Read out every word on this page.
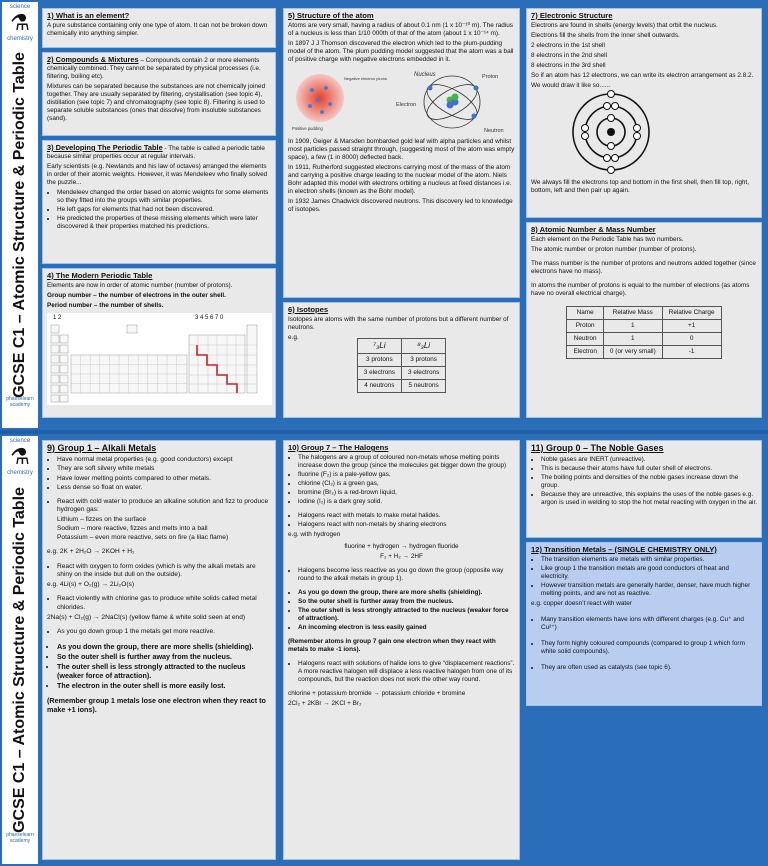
science
⚗
chemistry
GCSE C1 – Atomic Structure & Periodic Table
phaeselearn academy
1) What is an element?

A pure substance containing only one type of atom. It can not be broken down chemically into anything simpler.

2) Compounds & Mixtures – Compounds contain 2 or more elements chemically combined. They cannot be separated by physical processes (i.e. filtering, boiling etc).

Mixtures can be separated because the substances are not chemically joined together. They are usually separated by filtering, crystallisation (see topic 4), distillation (see topic 7) and chromatography (see topic 8). Filtering is used to separate soluble substances (ones that dissolve) from insoluble substances (sand).

3) Developing The Periodic Table - The table is called a periodic table because similar properties occur at regular intervals.

Early scientists (e.g. Newlands and his law of octaves) arranged the elements in order of their atomic weights. However, it was Mendeleev who finally solved the puzzle...

• Mendeleev changed the order based on atomic weights for some elements so they fitted into the groups with similar properties.
• He left gaps for elements that had not been discovered.
• He predicted the properties of these missing elements which were later discovered & their properties matched his predictions.
4) The Modern Periodic Table

Elements are now in order of atomic number (number of protons).

Group number – the number of electrons in the outer shell.

Period number – the number of shells.

1 2	3 4 5 6 7 0
5) Structure of the atom

Atoms are very small, having a radius of about 0.1 nm (1 x 10⁻¹⁰ m). The radius of a nucleus is less than 1/10 000th of that of the atom (about 1 x 10⁻¹⁴ m).

In 1897 J J Thomson discovered the electron which led to the plum-pudding model of the atom. The plum pudding model suggested that the atom was a ball of positive charge with negative electrons embedded in it.

Negative electron plums
Positive pudding
Electron
Proton
Nucleus
Neutron

In 1909, Geiger & Marsden bombarded gold leaf with alpha particles and whilst most particles passed straight through, (suggesting most of the atom was empty space), a few (1 in 8000) deflected back.

In 1911, Rutherford suggested electrons carrying most of the mass of the atom and carrying a positive charge leading to the nuclear model of the atom. Niels Bohr adapted this model with electrons orbiting a nucleus at fixed distances i.e. in electron shells (known as the Bohr model).

In 1932 James Chadwick discovered neutrons. This discovery led to knowledge of isotopes.

6) Isotopes

Isotopes are atoms with the same number of protons but a different number of neutrons.

e.g.

⁷₃Li	⁸₃Li
3 protons	3 protons
3 electrons	3 electrons
4 neutrons	5 neutrons
7) Electronic Structure

Electrons are found in shells (energy levels) that orbit the nucleus.

Electrons fill the shells from the inner shell outwards.

2 electrons in the 1st shell

8 electrons in the 2nd shell

8 electrons in the 3rd shell

So if an atom has 12 electrons, we can write its electron arrangement as 2.8.2.

We would draw it like so......

We always fill the electrons top and bottom in the first shell, then fill top, right, bottom, left and then pair up again.

8) Atomic Number & Mass Number

Each element on the Periodic Table has two numbers.

The atomic number or proton number (number of protons).

The mass number is the number of protons and neutrons added together (since electrons have no mass).

In atoms the number of protons is equal to the number of electrons (as atoms have no overall electrical charge).

Name	Relative Mass	Relative Charge
Proton	1	+1
Neutron	1	0
Electron	0 (or very small)	-1
science
⚗
chemistry
GCSE C1 – Atomic Structure & Periodic Table
phaeselearn academy
9) Group 1 – Alkali Metals
• Have normal metal properties (e.g. good conductors) except
• They are soft silvery white metals
• Have lower melting points compared to other metals.
• Less dense so float on water.
• React with cold water to produce an alkaline solution and fizz to produce hydrogen gas:
Lithium – fizzes on the surface
Sodium – more reactive, fizzes and melts into a ball
Potassium – even more reactive, sets on fire (a lilac flame)

e.g. 2K + 2H₂O → 2KOH + H₂

• React with oxygen to form oxides (which is why the alkali metals are shiny on the inside but dull on the outside).

e.g. 4Li(s) + O₂(g) → 2Li₂O(s)

• React violently with chlorine gas to produce white solids called metal chlorides.

2Na(s) + Cl₂(g) → 2NaCl(s) (yellow flame & white solid seen at end)

• As you go down group 1 the metals get more reactive.
• As you down the group, there are more shells (shielding).
• So the outer shell is further away from the nucleus.
• The outer shell is less strongly attracted to the nucleus (weaker force of attraction).
• The electron in the outer shell is more easily lost.

(Remember group 1 metals lose one electron when they react to make +1 ions).

10) Group 7 – The Halogens
• The halogens are a group of coloured non-metals whose melting points increase down the group (since the molecules get bigger down the group)
• fluorine (F₂) is a pale-yellow gas,
• chlorine (Cl₂) is a green gas,
• bromine (Br₂) is a red-brown liquid,
• iodine (I₂) is a dark grey solid.
• Halogens react with metals to make metal halides.
• Halogens react with non-metals by sharing electrons

e.g. with hydrogen

fluorine + hydrogen → hydrogen fluoride

F₂ + H₂ → 2HF

• Halogens become less reactive as you go down the group (opposite way round to the alkali metals in group 1).
• As you go down the group, there are more shells (shielding).
• So the outer shell is further away from the nucleus.
• The outer shell is less strongly attracted to the nucleus (weaker force of attraction).
• An incoming electron is less easily gained

(Remember atoms in group 7 gain one electron when they react with metals to make -1 ions).

• Halogens react with solutions of halide ions to give “displacement reactions”. A more reactive halogen will displace a less reactive halogen from one of its compounds, but the reaction does not work the other way round.

chlorine + potassium bromide → potassium chloride + bromine

2Cl₂ + 2KBr → 2KCl + Br₂

11) Group 0 – The Noble Gases
• Noble gases are INERT (unreactive).
• This is because their atoms have full outer shell of electrons.
• The boiling points and densities of the noble gases increase down the group.
• Because they are unreactive, this explains the uses of the noble gases e.g. argon is used in welding to stop the hot metal reacting with oxygen in the air.
12) Transition Metals – (SINGLE CHEMISTRY ONLY)
• The transition elements are metals with similar properties.
• Like group 1 the transition metals are good conductors of heat and electricity.
• However transition metals are generally harder, denser, have much higher melting points, and are not as reactive.

e.g. copper doesn’t react with water

• Many transition elements have ions with different charges (e.g. Cu⁺ and Cu²⁺)
• They form highly coloured compounds (compared to group 1 which form white solid compounds).
• They are often used as catalysts (see topic 6).
